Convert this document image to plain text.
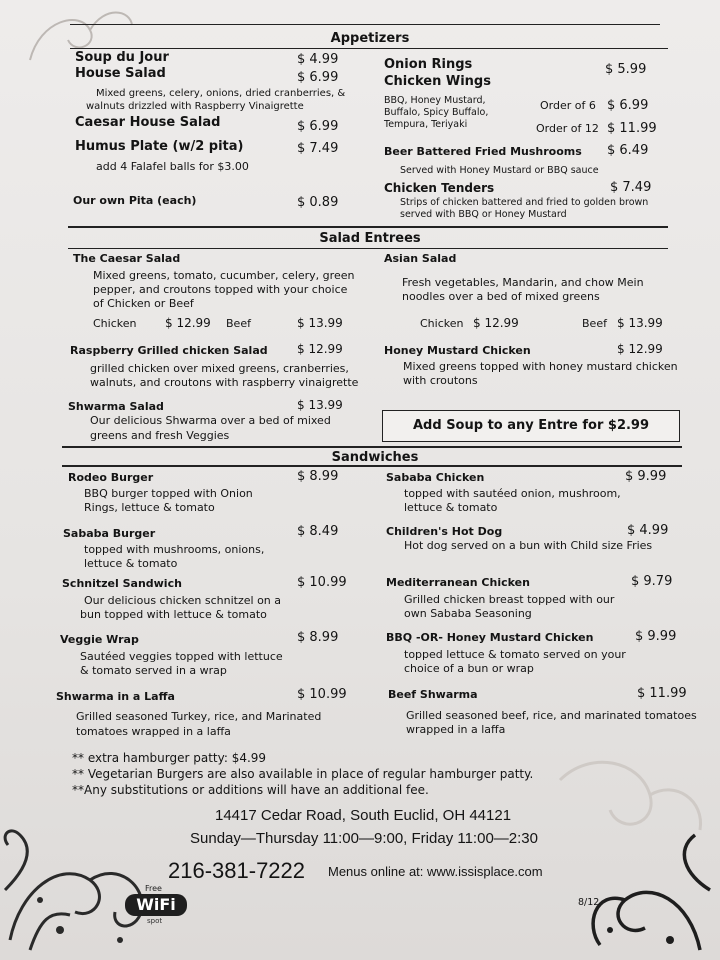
Appetizers
Soup du Jour	$ 4.99
House Salad	$ 6.99
Mixed greens, celery, onions, dried cranberries, &
walnuts drizzled with Raspberry Vinaigrette
Caesar House Salad	$ 6.99
Humus Plate (w/2 pita)	$ 7.49
add 4 Falafel balls for $3.00
Our own Pita (each)	$ 0.89
Onion Rings	$ 5.99
Chicken Wings
BBQ, Honey Mustard,
Buffalo, Spicy Buffalo,
Tempura, Teriyaki
Order of 6 $ 6.99
Order of 12 $ 11.99
Beer Battered Fried Mushrooms $ 6.49
Served with Honey Mustard or BBQ sauce
Chicken Tenders	$ 7.49
Strips of chicken battered and fried to golden brown
served with BBQ or Honey Mustard
Salad Entrees
The Caesar Salad
Mixed greens, tomato, cucumber, celery, green
pepper, and croutons topped with your choice
of Chicken or Beef
Chicken $ 12.99 Beef	$ 13.99
Asian Salad
Fresh vegetables, Mandarin, and chow Mein
noodles over a bed of mixed greens
Chicken $ 12.99	Beef $ 13.99
Raspberry Grilled chicken Salad $ 12.99
grilled chicken over mixed greens, cranberries,
walnuts, and croutons with raspberry vinaigrette
Honey Mustard Chicken	$ 12.99
Mixed greens topped with honey mustard chicken
with croutons
Shwarma Salad	$ 13.99
Our delicious Shwarma over a bed of mixed
greens and fresh Veggies
Add Soup to any Entre for $2.99
Sandwiches
Rodeo Burger	$ 8.99
BBQ burger topped with Onion
Rings, lettuce & tomato
Sababa Burger	$ 8.49
topped with mushrooms, onions,
lettuce & tomato
Schnitzel Sandwich	$ 10.99
Our delicious chicken schnitzel on a
bun topped with lettuce & tomato
Veggie Wrap	$ 8.99
Sautéed veggies topped with lettuce
& tomato served in a wrap
Shwarma in a Laffa	$ 10.99
Grilled seasoned Turkey, rice, and Marinated
tomatoes wrapped in a laffa
Sababa Chicken	$ 9.99
topped with sautéed onion, mushroom,
lettuce & tomato
Children's Hot Dog	$ 4.99
Hot dog served on a bun with Child size Fries
Mediterranean Chicken	$ 9.79
Grilled chicken breast topped with our
own Sababa Seasoning
BBQ -OR- Honey Mustard Chicken	$ 9.99
topped lettuce & tomato served on your
choice of a bun or wrap
Beef Shwarma	$ 11.99
Grilled seasoned beef, rice, and marinated tomatoes
wrapped in a laffa
** extra hamburger patty: $4.99
** Vegetarian Burgers are also available in place of regular hamburger patty.
**Any substitutions or additions will have an additional fee.
14417 Cedar Road, South Euclid, OH 44121
Sunday—Thursday 11:00—9:00, Friday 11:00—2:30
216-381-7222 Menus online at: www.issisplace.com
8/12
Free
WiFi
spot
